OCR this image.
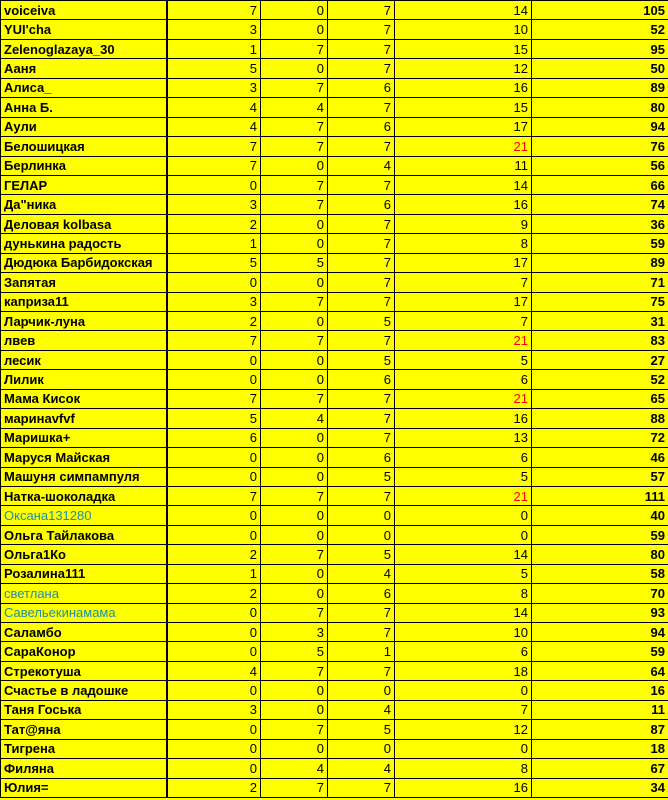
voiceiva	7	0	7	14	105
YUI'cha	3	0	7	10	52
Zelenoglazaya_30	1	7	7	15	95
Ааня	5	0	7	12	50
Алиса_	3	7	6	16	89
Анна Б.	4	4	7	15	80
Аули	4	7	6	17	94
Белошицкая	7	7	7	21	76
Берлинка	7	0	4	11	56
ГЕЛАР	0	7	7	14	66
Да"ника	3	7	6	16	74
Деловая kolbasa	2	0	7	9	36
дунькина радость	1	0	7	8	59
Дюдюка Барбидокская	5	5	7	17	89
Запятая	0	0	7	7	71
каприза11	3	7	7	17	75
Ларчик-луна	2	0	5	7	31
лвев	7	7	7	21	83
лесик	0	0	5	5	27
Лилик	0	0	6	6	52
Мама Кисок	7	7	7	21	65
маринаvfvf	5	4	7	16	88
Маришка+	6	0	7	13	72
Маруся Майская	0	0	6	6	46
Машуня симпампуля	0	0	5	5	57
Натка-шоколадка	7	7	7	21	111
Оксана131280	0	0	0	0	40
Ольга Тайлакова	0	0	0	0	59
Ольга1Ко	2	7	5	14	80
Розалина111	1	0	4	5	58
cветлана	2	0	6	8	70
Савельекинамама	0	7	7	14	93
Саламбо	0	3	7	10	94
СараКонор	0	5	1	6	59
Стрекотуша	4	7	7	18	64
Счастье в ладошке	0	0	0	0	16
Таня Госька	3	0	4	7	11
Тат@яна	0	7	5	12	87
Тигрена	0	0	0	0	18
Филяна	0	4	4	8	67
Юлия=	2	7	7	16	34
